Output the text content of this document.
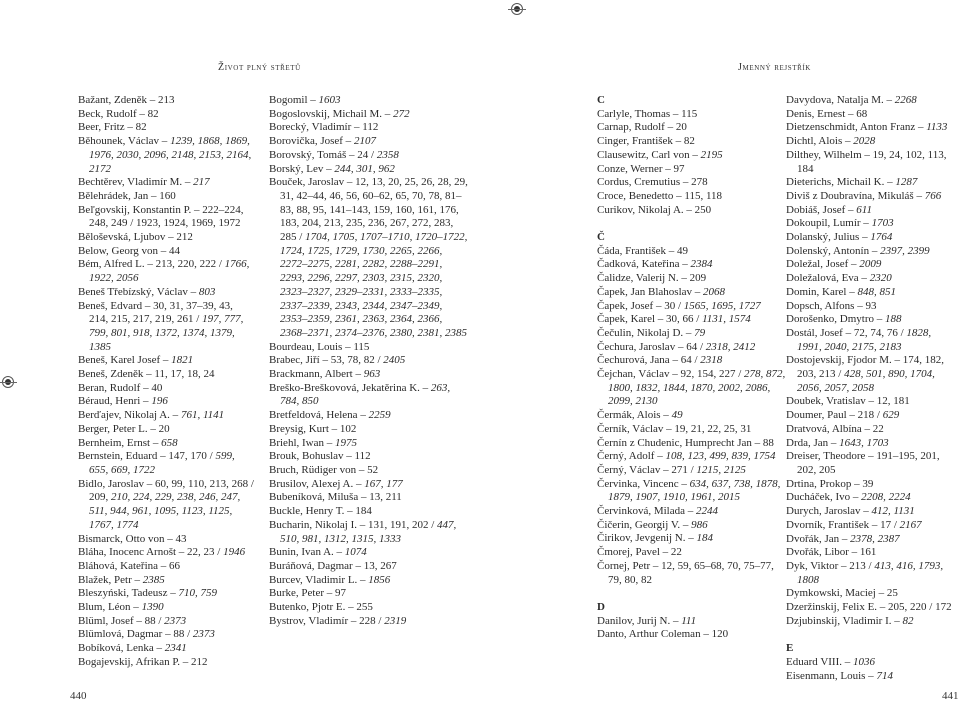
Život plný střetů	Jmenný rejstřík
Bažant, Zdeněk – 213
Beck, Rudolf – 82
Beer, Fritz – 82
Běhounek, Václav – 1239, 1868, 1869, 1976, 2030, 2096, 2148, 2153, 2164, 2172
Bechtěrev, Vladimír M. – 217
Bělehrádek, Jan – 160
Beľgovskij, Konstantin P. – 222–224, 248, 249 / 1923, 1924, 1969, 1972
Běloševská, Ljubov – 212
Below, Georg von – 44
Bém, Alfred L. – 213, 220, 222 / 1766, 1922, 2056
Beneš Třebízský, Václav – 803
Beneš, Edvard – 30, 31, 37–39, 43, 214, 215, 217, 219, 261 / 197, 777, 799, 801, 918, 1372, 1374, 1379, 1385
Beneš, Karel Josef – 1821
Beneš, Zdeněk – 11, 17, 18, 24
Beran, Rudolf – 40
Béraud, Henri – 196
Berďajev, Nikolaj A. – 761, 1141
Berger, Peter L. – 20
Bernheim, Ernst – 658
Bernstein, Eduard – 147, 170 / 599, 655, 669, 1722
Bidlo, Jaroslav – 60, 99, 110, 213, 268 / 209, 210, 224, 229, 238, 246, 247, 511, 944, 961, 1095, 1123, 1125, 1767, 1774
Bismarck, Otto von – 43
Bláha, Inocenc Arnošt – 22, 23 / 1946
Bláhová, Kateřina – 66
Blažek, Petr – 2385
Bleszyński, Tadeusz – 710, 759
Blum, Léon – 1390
Blüml, Josef – 88 / 2373
Blümlová, Dagmar – 88 / 2373
Bobíková, Lenka – 2341
Bogajevskij, Afrikan P. – 212
Bogomil – 1603
Bogoslovskij, Michail M. – 272
Borecký, Vladimír – 112
Borovička, Josef – 2107
Borovský, Tomáš – 24 / 2358
Borský, Lev – 244, 301, 962
Bouček, Jaroslav – 12, 13, 20, 25, 26, 28, 29, 31, 42–44, 46, 56, 60–62, 65, 70, 78, 81–83, 88, 95, 141–143, 159, 160, 161, 176, 183, 204, 213, 235, 236, 267, 272, 283, 285 / 1704, 1705, 1707–1710, 1720–1722, 1724, 1725, 1729, 1730, 2265, 2266, 2272–2275, 2281, 2282, 2288–2291, 2293, 2296, 2297, 2303, 2315, 2320, 2323–2327, 2329–2331, 2333–2335, 2337–2339, 2343, 2344, 2347–2349, 2353–2359, 2361, 2363, 2364, 2366, 2368–2371, 2374–2376, 2380, 2381, 2385
Bourdeau, Louis – 115
Brabec, Jiří – 53, 78, 82 / 2405
Brackmann, Albert – 963
Breško-Breškovová, Jekatěrina K. – 263, 784, 850
Bretfeldová, Helena – 2259
Breysig, Kurt – 102
Briehl, Iwan – 1975
Brouk, Bohuslav – 112
Bruch, Rüdiger von – 52
Brusilov, Alexej A. – 167, 177
Bubeníková, Miluša – 13, 211
Buckle, Henry T. – 184
Bucharin, Nikolaj I. – 131, 191, 202 / 447, 510, 981, 1312, 1315, 1333
Bunin, Ivan A. – 1074
Buráňová, Dagmar – 13, 267
Burcev, Vladimir L. – 1856
Burke, Peter – 97
Butenko, Pjotr E. – 255
Bystrov, Vladimír – 228 / 2319
C
Carlyle, Thomas – 115
Carnap, Rudolf – 20
Cinger, František – 82
Clausewitz, Carl von – 2195
Conze, Werner – 97
Cordus, Cremutius – 278
Croce, Benedetto – 115, 118
Curikov, Nikolaj A. – 250
Č
Čáda, František – 49
Čadková, Kateřina – 2384
Čalidze, Valerij N. – 209
Čapek, Jan Blahoslav – 2068
Čapek, Josef – 30 / 1565, 1695, 1727
Čapek, Karel – 30, 66 / 1131, 1574
Čečulin, Nikolaj D. – 79
Čechura, Jaroslav – 64 / 2318, 2412
Čechurová, Jana – 64 / 2318
Čejchan, Václav – 92, 154, 227 / 278, 872, 1800, 1832, 1844, 1870, 2002, 2086, 2099, 2130
Čermák, Alois – 49
Černík, Václav – 19, 21, 22, 25, 31
Černín z Chudenic, Humprecht Jan – 88
Černý, Adolf – 108, 123, 499, 839, 1754
Černý, Václav – 271 / 1215, 2125
Červinka, Vincenc – 634, 637, 738, 1878, 1879, 1907, 1910, 1961, 2015
Červinková, Milada – 2244
Čičerin, Georgij V. – 986
Čirikov, Jevgenij N. – 184
Čmorej, Pavel – 22
Čornej, Petr – 12, 59, 65–68, 70, 75–77, 79, 80, 82
D
Danilov, Jurij N. – 111
Danto, Arthur Coleman – 120
Davydova, Natalja M. – 2268
Denis, Ernest – 68
Dietzenschmidt, Anton Franz – 1133
Dichtl, Alois – 2028
Dilthey, Wilhelm – 19, 24, 102, 113, 184
Dieterichs, Michail K. – 1287
Diviš z Doubravína, Mikuláš – 766
Dobiáš, Josef – 611
Dokoupil, Lumír – 1703
Dolanský, Julius – 1764
Dolenský, Antonín – 2397, 2399
Doležal, Josef – 2009
Doležalová, Eva – 2320
Domin, Karel – 848, 851
Dopsch, Alfons – 93
Dorošenko, Dmytro – 188
Dostál, Josef – 72, 74, 76 / 1828, 1991, 2040, 2175, 2183
Dostojevskij, Fjodor M. – 174, 182, 203, 213 / 428, 501, 890, 1704, 2056, 2057, 2058
Doubek, Vratislav – 12, 181
Doumer, Paul – 218 / 629
Dratvová, Albína – 22
Drda, Jan – 1643, 1703
Dreiser, Theodore – 191–195, 201, 202, 205
Drtina, Prokop – 39
Ducháček, Ivo – 2208, 2224
Durych, Jaroslav – 412, 1131
Dvorník, František – 17 / 2167
Dvořák, Jan – 2378, 2387
Dvořák, Libor – 161
Dyk, Viktor – 213 / 413, 416, 1793, 1808
Dymkowski, Maciej – 25
Dzeržinskij, Felix E. – 205, 220 / 172
Dzjubinskij, Vladimir I. – 82
E
Eduard VIII. – 1036
Eisenmann, Louis – 714
440	441
